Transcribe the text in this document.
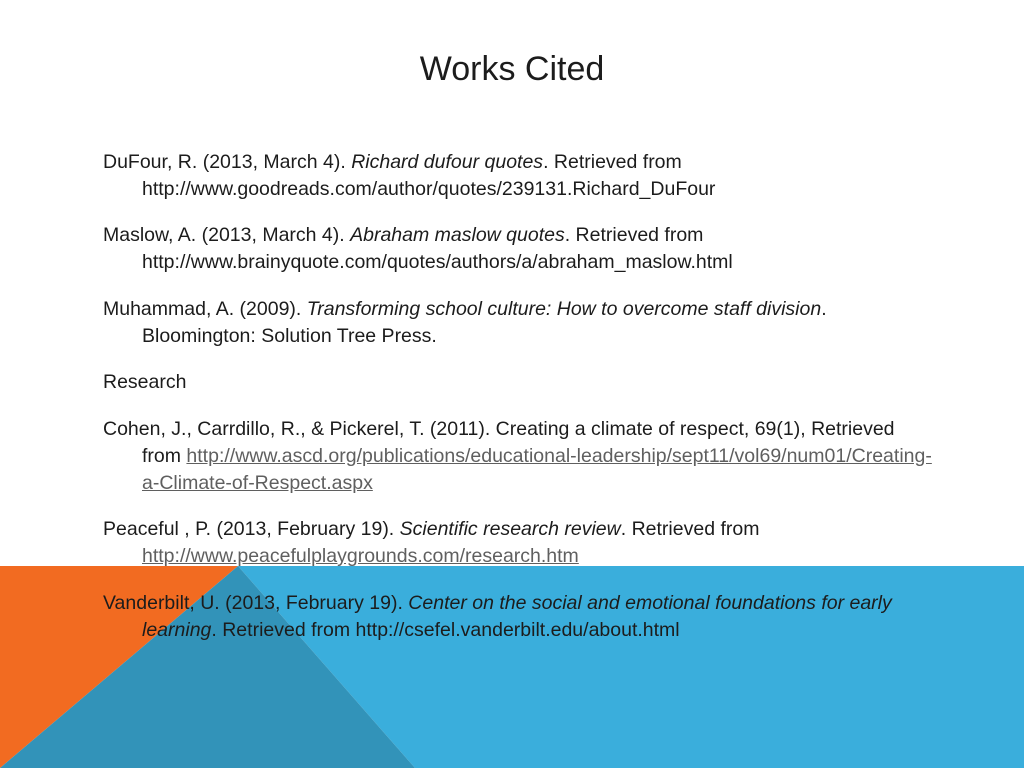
Works Cited

DuFour, R. (2013, March 4). Richard dufour quotes. Retrieved from http://www.goodreads.com/author/quotes/239131.Richard_DuFour

Maslow, A. (2013, March 4). Abraham maslow quotes. Retrieved from http://www.brainyquote.com/quotes/authors/a/abraham_maslow.html

Muhammad, A. (2009). Transforming school culture: How to overcome staff division. Bloomington: Solution Tree Press.

Research

Cohen, J., Carrdillo, R., & Pickerel, T. (2011). Creating a climate of respect, 69(1), Retrieved from http://www.ascd.org/publications/educational-leadership/sept11/vol69/num01/Creating-a-Climate-of-Respect.aspx

Peaceful , P. (2013, February 19). Scientific research review. Retrieved from http://www.peacefulplaygrounds.com/research.htm

Vanderbilt, U. (2013, February 19). Center on the social and emotional foundations for early learning. Retrieved from http://csefel.vanderbilt.edu/about.html
